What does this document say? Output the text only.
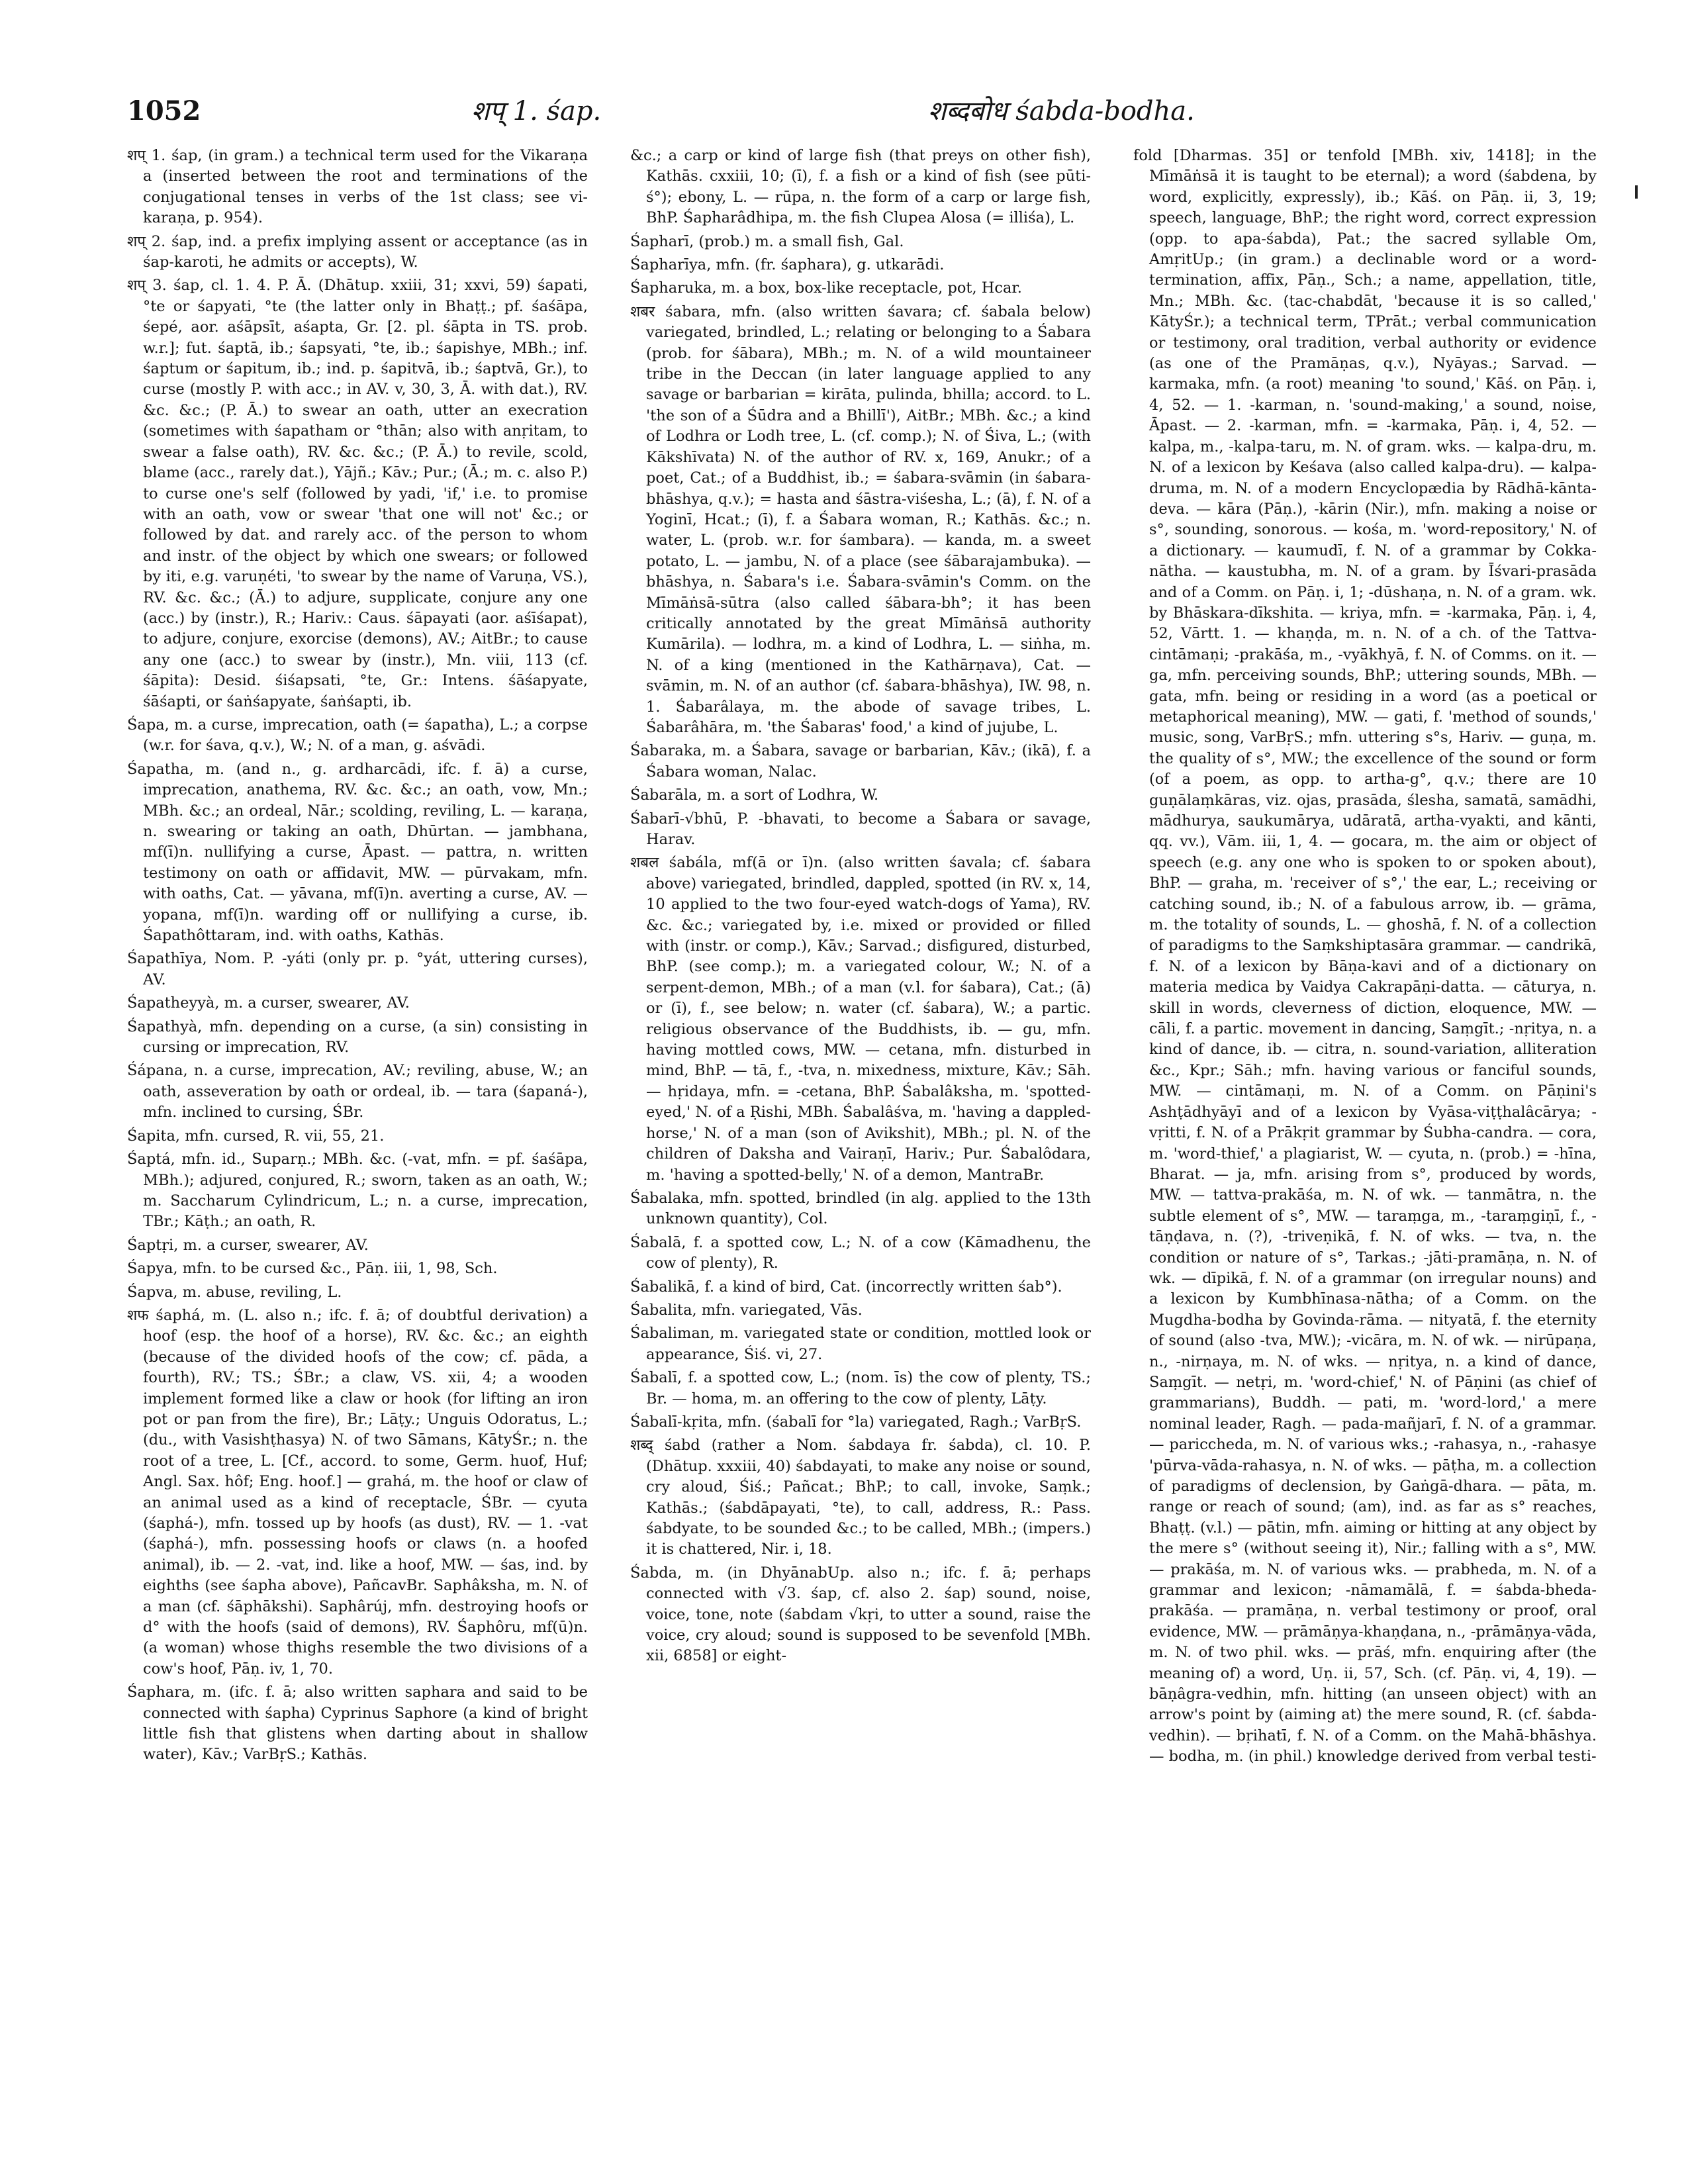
1052	शप् 1. śap.	शब्दबोध śabda-bodha.

शप् 1. śap, (in gram.) a technical term used for the Vikaraṇa a (inserted between the root and terminations of the conjugational tenses in verbs of the 1st class; see vi-karaṇa, p. 954).

शप् 2. śap, ind. a prefix implying assent or acceptance (as in śap-karoti, he admits or accepts), W.

शप् 3. śap, cl. 1. 4. P. Ā. (Dhātup. xxiii, 31; xxvi, 59) śapati, °te or śapyati, °te (the latter only in Bhaṭṭ.; pf. śaśāpa, śepé, aor. aśāpsīt, aśapta, Gr. [2. pl. śāpta in TS. prob. w.r.]; fut. śaptā, ib.; śapsyati, °te, ib.; śapishye, MBh.; inf. śaptum or śapitum, ib.; ind. p. śapitvā, ib.; śaptvā, Gr.), to curse (mostly P. with acc.; in AV. v, 30, 3, Ā. with dat.), RV. &c. &c.; (P. Ā.) to swear an oath, utter an execration (sometimes with śapatham or °thān; also with anṛitam, to swear a false oath), RV. &c. &c.; (P. Ā.) to revile, scold, blame (acc., rarely dat.), Yājñ.; Kāv.; Pur.; (Ā.; m. c. also P.) to curse one's self (followed by yadi, 'if,' i.e. to promise with an oath, vow or swear 'that one will not' &c.; or followed by dat. and rarely acc. of the person to whom and instr. of the object by which one swears; or followed by iti, e.g. varuṇéti, 'to swear by the name of Varuṇa, VS.), RV. &c. &c.; (Ā.) to adjure, supplicate, conjure any one (acc.) by (instr.), R.; Hariv.: Caus. śāpayati (aor. aśīśapat), to adjure, conjure, exorcise (demons), AV.; AitBr.; to cause any one (acc.) to swear by (instr.), Mn. viii, 113 (cf. śāpita): Desid. śiśapsati, °te, Gr.: Intens. śāśapyate, śāśapti, or śaṅśapyate, śaṅśapti, ib.

Śapa, m. a curse, imprecation, oath (= śapatha), L.; a corpse (w.r. for śava, q.v.), W.; N. of a man, g. aśvādi.

Śapatha, m. (and n., g. ardharcādi, ifc. f. ā) a curse, imprecation, anathema, RV. &c. &c.; an oath, vow, Mn.; MBh. &c.; an ordeal, Nār.; scolding, reviling, L. — karaṇa, n. swearing or taking an oath, Dhūrtan. — jambhana, mf(ī)n. nullifying a curse, Āpast. — pattra, n. written testimony on oath or affidavit, MW. — pūrvakam, mfn. with oaths, Cat. — yāvana, mf(ī)n. averting a curse, AV. — yopana, mf(ī)n. warding off or nullifying a curse, ib. Śapathôttaram, ind. with oaths, Kathās.

Śapathīya, Nom. P. -yáti (only pr. p. °yát, uttering curses), AV.

Śapatheyyà, m. a curser, swearer, AV.

Śapathyà, mfn. depending on a curse, (a sin) consisting in cursing or imprecation, RV.

Śápana, n. a curse, imprecation, AV.; reviling, abuse, W.; an oath, asseveration by oath or ordeal, ib. — tara (śapaná-), mfn. inclined to cursing, ŚBr.

Śapita, mfn. cursed, R. vii, 55, 21.

Śaptá, mfn. id., Suparṇ.; MBh. &c. (-vat, mfn. = pf. śaśāpa, MBh.); adjured, conjured, R.; sworn, taken as an oath, W.; m. Saccharum Cylindricum, L.; n. a curse, imprecation, TBr.; Kāṭh.; an oath, R.

Śaptṛi, m. a curser, swearer, AV.

Śapya, mfn. to be cursed &c., Pāṇ. iii, 1, 98, Sch.

Śapva, m. abuse, reviling, L.

शफ śaphá, m. (L. also n.; ifc. f. ā; of doubtful derivation) a hoof (esp. the hoof of a horse), RV. &c. &c.; an eighth (because of the divided hoofs of the cow; cf. pāda, a fourth), RV.; TS.; ŚBr.; a claw, VS. xii, 4; a wooden implement formed like a claw or hook (for lifting an iron pot or pan from the fire), Br.; Lāṭy.; Unguis Odoratus, L.; (du., with Vasishṭhasya) N. of two Sāmans, KātyŚr.; n. the root of a tree, L. [Cf., accord. to some, Germ. huof, Huf; Angl. Sax. hôf; Eng. hoof.] — grahá, m. the hoof or claw of an animal used as a kind of receptacle, ŚBr. — cyuta (śaphá-), mfn. tossed up by hoofs (as dust), RV. — 1. -vat (śaphá-), mfn. possessing hoofs or claws (n. a hoofed animal), ib. — 2. -vat, ind. like a hoof, MW. — śas, ind. by eighths (see śapha above), PañcavBr. Saphâksha, m. N. of a man (cf. śāphākshi). Saphârúj, mfn. destroying hoofs or d° with the hoofs (said of demons), RV. Śaphôru, mf(ū)n. (a woman) whose thighs resemble the two divisions of a cow's hoof, Pāṇ. iv, 1, 70.

Śaphara, m. (ifc. f. ā; also written saphara and said to be connected with śapha) Cyprinus Saphore (a kind of bright little fish that glistens when darting about in shallow water), Kāv.; VarBṛS.; Kathās.

&c.; a carp or kind of large fish (that preys on other fish), Kathās. cxxiii, 10; (ī), f. a fish or a kind of fish (see pūti-ś°); ebony, L. — rūpa, n. the form of a carp or large fish, BhP. Śapharâdhipa, m. the fish Clupea Alosa (= illiśa), L.

Śapharī, (prob.) m. a small fish, Gal.

Śapharīya, mfn. (fr. śaphara), g. utkarādi.

Śapharuka, m. a box, box-like receptacle, pot, Hcar.

शबर śabara, mfn. (also written śavara; cf. śabala below) variegated, brindled, L.; relating or belonging to a Śabara (prob. for śābara), MBh.; m. N. of a wild mountaineer tribe in the Deccan (in later language applied to any savage or barbarian = kirāta, pulinda, bhilla; accord. to L. 'the son of a Śūdra and a Bhillī'), AitBr.; MBh. &c.; a kind of Lodhra or Lodh tree, L. (cf. comp.); N. of Śiva, L.; (with Kākshīvata) N. of the author of RV. x, 169, Anukr.; of a poet, Cat.; of a Buddhist, ib.; = śabara-svāmin (in śabara-bhāshya, q.v.); = hasta and śāstra-viśesha, L.; (ā), f. N. of a Yoginī, Hcat.; (ī), f. a Śabara woman, R.; Kathās. &c.; n. water, L. (prob. w.r. for śambara). — kanda, m. a sweet potato, L. — jambu, N. of a place (see śābarajambuka). — bhāshya, n. Śabara's i.e. Śabara-svāmin's Comm. on the Mīmāṅsā-sūtra (also called śābara-bh°; it has been critically annotated by the great Mīmāṅsā authority Kumārila). — lodhra, m. a kind of Lodhra, L. — siṅha, m. N. of a king (mentioned in the Kathārṇava), Cat. — svāmin, m. N. of an author (cf. śabara-bhāshya), IW. 98, n. 1. Śabarâlaya, m. the abode of savage tribes, L. Śabarâhāra, m. 'the Śabaras' food,' a kind of jujube, L.

Śabaraka, m. a Śabara, savage or barbarian, Kāv.; (ikā), f. a Śabara woman, Nalac.

Śabarāla, m. a sort of Lodhra, W.

Śabarī-√bhū, P. -bhavati, to become a Śabara or savage, Harav.

शबल śabála, mf(ā or ī)n. (also written śavala; cf. śabara above) variegated, brindled, dappled, spotted (in RV. x, 14, 10 applied to the two four-eyed watch-dogs of Yama), RV. &c. &c.; variegated by, i.e. mixed or provided or filled with (instr. or comp.), Kāv.; Sarvad.; disfigured, disturbed, BhP. (see comp.); m. a variegated colour, W.; N. of a serpent-demon, MBh.; of a man (v.l. for śabara), Cat.; (ā) or (ī), f., see below; n. water (cf. śabara), W.; a partic. religious observance of the Buddhists, ib. — gu, mfn. having mottled cows, MW. — cetana, mfn. disturbed in mind, BhP. — tā, f., -tva, n. mixedness, mixture, Kāv.; Sāh. — hṛidaya, mfn. = -cetana, BhP. Śabalâksha, m. 'spotted-eyed,' N. of a Ṛishi, MBh. Śabalâśva, m. 'having a dappled-horse,' N. of a man (son of Avikshit), MBh.; pl. N. of the children of Daksha and Vairaṇī, Hariv.; Pur. Śabalôdara, m. 'having a spotted-belly,' N. of a demon, MantraBr.

Śabalaka, mfn. spotted, brindled (in alg. applied to the 13th unknown quantity), Col.

Śabalā, f. a spotted cow, L.; N. of a cow (Kāmadhenu, the cow of plenty), R.

Śabalikā, f. a kind of bird, Cat. (incorrectly written śab°).

Śabalita, mfn. variegated, Vās.

Śabaliman, m. variegated state or condition, mottled look or appearance, Śiś. vi, 27.

Śabalī, f. a spotted cow, L.; (nom. īs) the cow of plenty, TS.; Br. — homa, m. an offering to the cow of plenty, Lāṭy.

Śabalī-kṛita, mfn. (śabalī for °la) variegated, Ragh.; VarBṛS.

शब्द् śabd (rather a Nom. śabdaya fr. śabda), cl. 10. P. (Dhātup. xxxiii, 40) śabdayati, to make any noise or sound, cry aloud, Śiś.; Pañcat.; BhP.; to call, invoke, Saṃk.; Kathās.; (śabdāpayati, °te), to call, address, R.: Pass. śabdyate, to be sounded &c.; to be called, MBh.; (impers.) it is chattered, Nir. i, 18.

Śabda, m. (in DhyānabUp. also n.; ifc. f. ā; perhaps connected with √3. śap, cf. also 2. śap) sound, noise, voice, tone, note (śabdam √kṛi, to utter a sound, raise the voice, cry aloud; sound is supposed to be sevenfold [MBh. xii, 6858] or eight-

fold [Dharmas. 35] or tenfold [MBh. xiv, 1418]; in the Mīmāṅsā it is taught to be eternal); a word (śabdena, by word, explicitly, expressly), ib.; Kāś. on Pāṇ. ii, 3, 19; speech, language, BhP.; the right word, correct expression (opp. to apa-śabda), Pat.; the sacred syllable Om, AmṛitUp.; (in gram.) a declinable word or a word-termination, affix, Pāṇ., Sch.; a name, appellation, title, Mn.; MBh. &c. (tac-chabdāt, 'because it is so called,' KātyŚr.); a technical term, TPrāt.; verbal communication or testimony, oral tradition, verbal authority or evidence (as one of the Pramāṇas, q.v.), Nyāyas.; Sarvad. — karmaka, mfn. (a root) meaning 'to sound,' Kāś. on Pāṇ. i, 4, 52. — 1. -karman, n. 'sound-making,' a sound, noise, Āpast. — 2. -karman, mfn. = -karmaka, Pāṇ. i, 4, 52. — kalpa, m., -kalpa-taru, m. N. of gram. wks. — kalpa-dru, m. N. of a lexicon by Keśava (also called kalpa-dru). — kalpa-druma, m. N. of a modern Encyclopædia by Rādhā-kānta-deva. — kāra (Pāṇ.), -kārin (Nir.), mfn. making a noise or s°, sounding, sonorous. — kośa, m. 'word-repository,' N. of a dictionary. — kaumudī, f. N. of a grammar by Cokka-nātha. — kaustubha, m. N. of a gram. by Īśvari-prasāda and of a Comm. on Pāṇ. i, 1; -dūshaṇa, n. N. of a gram. wk. by Bhāskara-dīkshita. — kriya, mfn. = -karmaka, Pāṇ. i, 4, 52, Vārtt. 1. — khaṇḍa, m. n. N. of a ch. of the Tattva-cintāmaṇi; -prakāśa, m., -vyākhyā, f. N. of Comms. on it. — ga, mfn. perceiving sounds, BhP.; uttering sounds, MBh. — gata, mfn. being or residing in a word (as a poetical or metaphorical meaning), MW. — gati, f. 'method of sounds,' music, song, VarBṛS.; mfn. uttering s°s, Hariv. — guṇa, m. the quality of s°, MW.; the excellence of the sound or form (of a poem, as opp. to artha-g°, q.v.; there are 10 guṇālaṃkāras, viz. ojas, prasāda, ślesha, samatā, samādhi, mādhurya, saukumārya, udāratā, artha-vyakti, and kānti, qq. vv.), Vām. iii, 1, 4. — gocara, m. the aim or object of speech (e.g. any one who is spoken to or spoken about), BhP. — graha, m. 'receiver of s°,' the ear, L.; receiving or catching sound, ib.; N. of a fabulous arrow, ib. — grāma, m. the totality of sounds, L. — ghoshā, f. N. of a collection of paradigms to the Saṃkshiptasāra grammar. — candrikā, f. N. of a lexicon by Bāṇa-kavi and of a dictionary on materia medica by Vaidya Cakrapāṇi-datta. — cāturya, n. skill in words, cleverness of diction, eloquence, MW. — cāli, f. a partic. movement in dancing, Saṃgīt.; -nṛitya, n. a kind of dance, ib. — citra, n. sound-variation, alliteration &c., Kpr.; Sāh.; mfn. having various or fanciful sounds, MW. — cintāmaṇi, m. N. of a Comm. on Pāṇini's Ashṭādhyāyī and of a lexicon by Vyāsa-viṭṭhalâcārya; -vṛitti, f. N. of a Prākṛit grammar by Śubha-candra. — cora, m. 'word-thief,' a plagiarist, W. — cyuta, n. (prob.) = -hīna, Bharat. — ja, mfn. arising from s°, produced by words, MW. — tattva-prakāśa, m. N. of wk. — tanmātra, n. the subtle element of s°, MW. — taraṃga, m., -taraṃgiṇī, f., -tāṇḍava, n. (?), -triveṇikā, f. N. of wks. — tva, n. the condition or nature of s°, Tarkas.; -jāti-pramāṇa, n. N. of wk. — dīpikā, f. N. of a grammar (on irregular nouns) and a lexicon by Kumbhīnasa-nātha; of a Comm. on the Mugdha-bodha by Govinda-rāma. — nityatā, f. the eternity of sound (also -tva, MW.); -vicāra, m. N. of wk. — nirūpaṇa, n., -nirṇaya, m. N. of wks. — nṛitya, n. a kind of dance, Saṃgīt. — netṛi, m. 'word-chief,' N. of Pāṇini (as chief of grammarians), Buddh. — pati, m. 'word-lord,' a mere nominal leader, Ragh. — pada-mañjarī, f. N. of a grammar. — pariccheda, m. N. of various wks.; -rahasya, n., -rahasye 'pūrva-vāda-rahasya, n. N. of wks. — pāṭha, m. a collection of paradigms of declension, by Gaṅgā-dhara. — pāta, m. range or reach of sound; (am), ind. as far as s° reaches, Bhaṭṭ. (v.l.) — pātin, mfn. aiming or hitting at any object by the mere s° (without seeing it), Nir.; falling with a s°, MW. — prakāśa, m. N. of various wks. — prabheda, m. N. of a grammar and lexicon; -nāmamālā, f. = śabda-bheda-prakāśa. — pramāṇa, n. verbal testimony or proof, oral evidence, MW. — prāmāṇya-khaṇḍana, n., -prāmāṇya-vāda, m. N. of two phil. wks. — prāś, mfn. enquiring after (the meaning of) a word, Uṇ. ii, 57, Sch. (cf. Pāṇ. vi, 4, 19). — bāṇâgra-vedhin, mfn. hitting (an unseen object) with an arrow's point by (aiming at) the mere sound, R. (cf. śabda-vedhin). — bṛihatī, f. N. of a Comm. on the Mahā-bhāshya. — bodha, m. (in phil.) knowledge derived from verbal testi-
